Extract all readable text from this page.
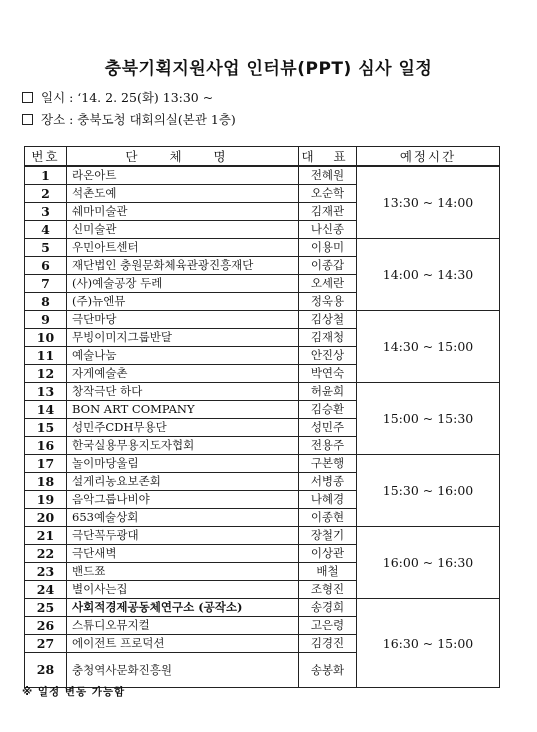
충북기획지원사업 인터뷰(PPT) 심사 일정
일시 : ‘14. 2. 25(화) 13:30 ~
장소 : 충북도청 대회의실(본관 1층)
번호	단 체 명	대 표	예정시간
1	라온아트	전혜원	13:30 ~ 14:00
2	석촌도예	오순학	
3	쉐마미술관	김재관	
4	신미술관	나신종	
5	우민아트센터	이용미	14:00 ~ 14:30
6	재단법인 충원문화체육관광진흥재단	이종갑	
7	(사)예술공장 두레	오세란	
8	(주)뉴엔뮤	정욱용	
9	극단마당	김상철	14:30 ~ 15:00
10	무빙이미지그룹반달	김재청	
11	예술나눔	안진상	
12	자게예술촌	박연숙	
13	창작극단 하다	허윤희	15:00 ~ 15:30
14	BON ART COMPANY	김승환	
15	성민주CDH무용단	성민주	
16	한국실용무용지도자협회	전용주	
17	놀이마당울림	구본행	15:30 ~ 16:00
18	설게리농요보존회	서병종	
19	음악그룹나비야	나혜경	
20	653예술상회	이종현	
21	극단꼭두광대	장철기	16:00 ~ 16:30
22	극단새벽	이상관	
23	밴드쬬	배철	
24	별이사는집	조형진	
25	사회적경제공동체연구소 (공작소)	송경희	16:30 ~ 15:00
26	스튜디오뮤지컬	고은령	
27	에이전트 프로덕션	김경진	
28	충청역사문화진흥원	송봉화	
※ 일정 변동 가능함
